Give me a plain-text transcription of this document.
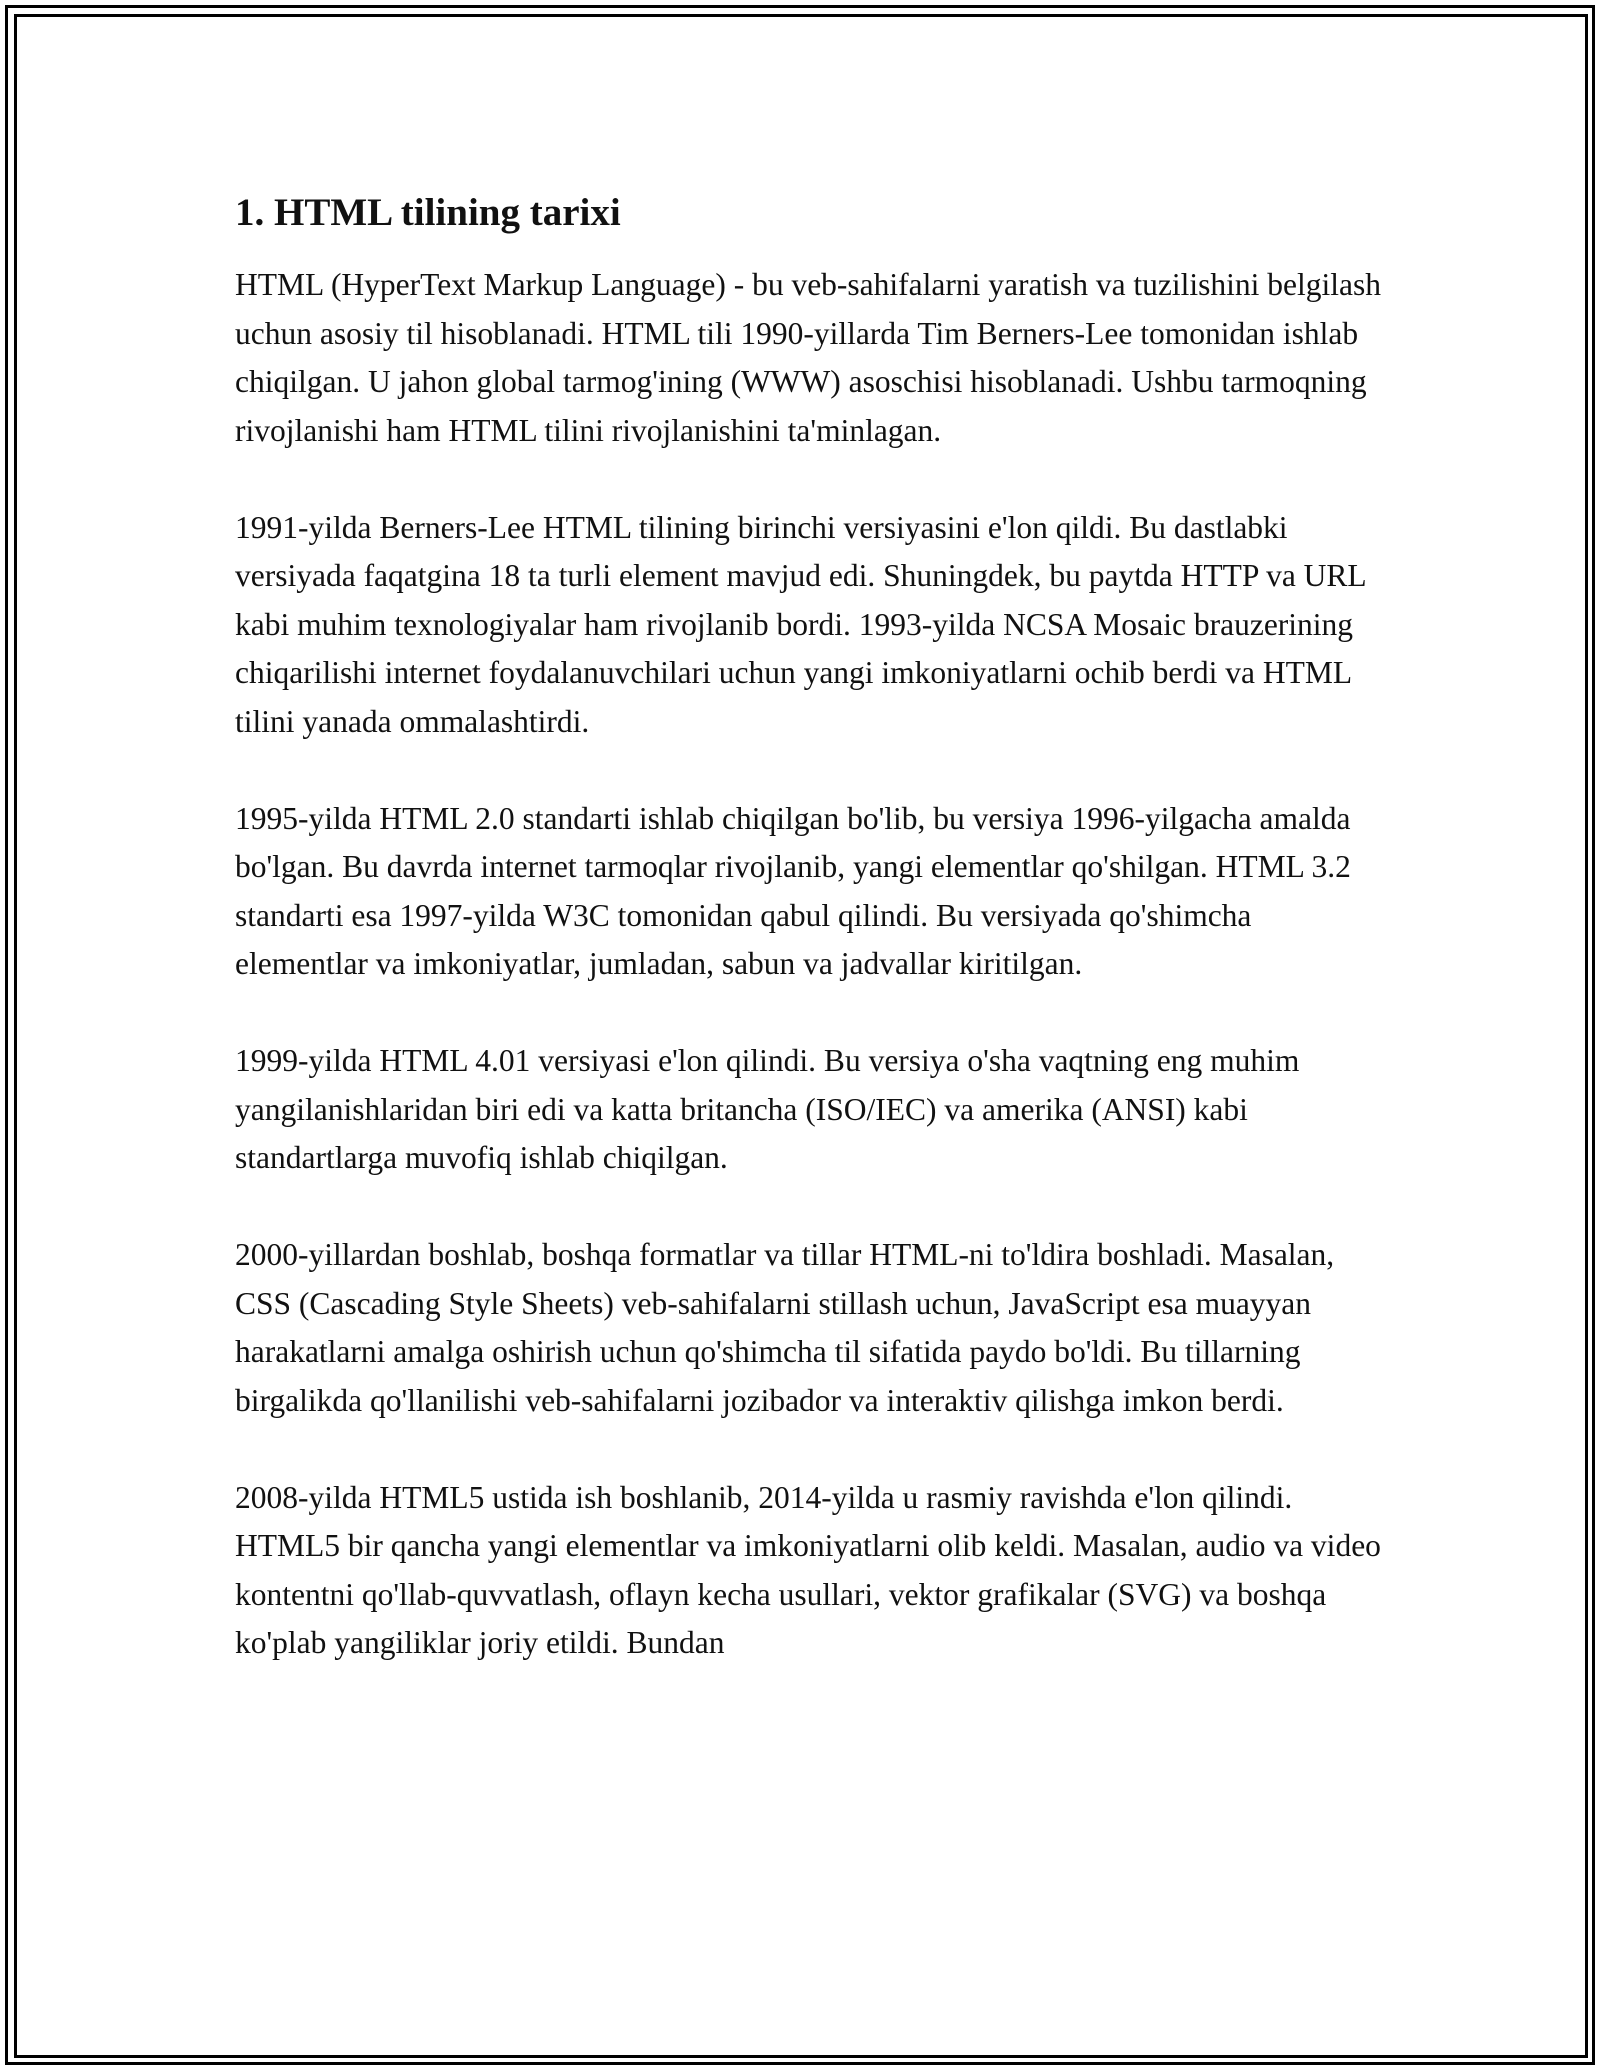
1. HTML tilining tarixi

HTML (HyperText Markup Language) - bu veb-sahifalarni yaratish va tuzilishini belgilash uchun asosiy til hisoblanadi. HTML tili 1990-yillarda Tim Berners-Lee tomonidan ishlab chiqilgan. U jahon global tarmog'ining (WWW) asoschisi hisoblanadi. Ushbu tarmoqning rivojlanishi ham HTML tilini rivojlanishini ta'minlagan.

1991-yilda Berners-Lee HTML tilining birinchi versiyasini e'lon qildi. Bu dastlabki versiyada faqatgina 18 ta turli element mavjud edi. Shuningdek, bu paytda HTTP va URL kabi muhim texnologiyalar ham rivojlanib bordi. 1993-yilda NCSA Mosaic brauzerining chiqarilishi internet foydalanuvchilari uchun yangi imkoniyatlarni ochib berdi va HTML tilini yanada ommalashtirdi.

1995-yilda HTML 2.0 standarti ishlab chiqilgan bo'lib, bu versiya 1996-yilgacha amalda bo'lgan. Bu davrda internet tarmoqlar rivojlanib, yangi elementlar qo'shilgan. HTML 3.2 standarti esa 1997-yilda W3C tomonidan qabul qilindi. Bu versiyada qo'shimcha elementlar va imkoniyatlar, jumladan, sabun va jadvallar kiritilgan.

1999-yilda HTML 4.01 versiyasi e'lon qilindi. Bu versiya o'sha vaqtning eng muhim yangilanishlaridan biri edi va katta britancha (ISO/IEC) va amerika (ANSI) kabi standartlarga muvofiq ishlab chiqilgan.

2000-yillardan boshlab, boshqa formatlar va tillar HTML-ni to'ldira boshladi. Masalan, CSS (Cascading Style Sheets) veb-sahifalarni stillash uchun, JavaScript esa muayyan harakatlarni amalga oshirish uchun qo'shimcha til sifatida paydo bo'ldi. Bu tillarning birgalikda qo'llanilishi veb-sahifalarni jozibador va interaktiv qilishga imkon berdi.

2008-yilda HTML5 ustida ish boshlanib, 2014-yilda u rasmiy ravishda e'lon qilindi. HTML5 bir qancha yangi elementlar va imkoniyatlarni olib keldi. Masalan, audio va video kontentni qo'llab-quvvatlash, oflayn kecha usullari, vektor grafikalar (SVG) va boshqa ko'plab yangiliklar joriy etildi. Bundan
